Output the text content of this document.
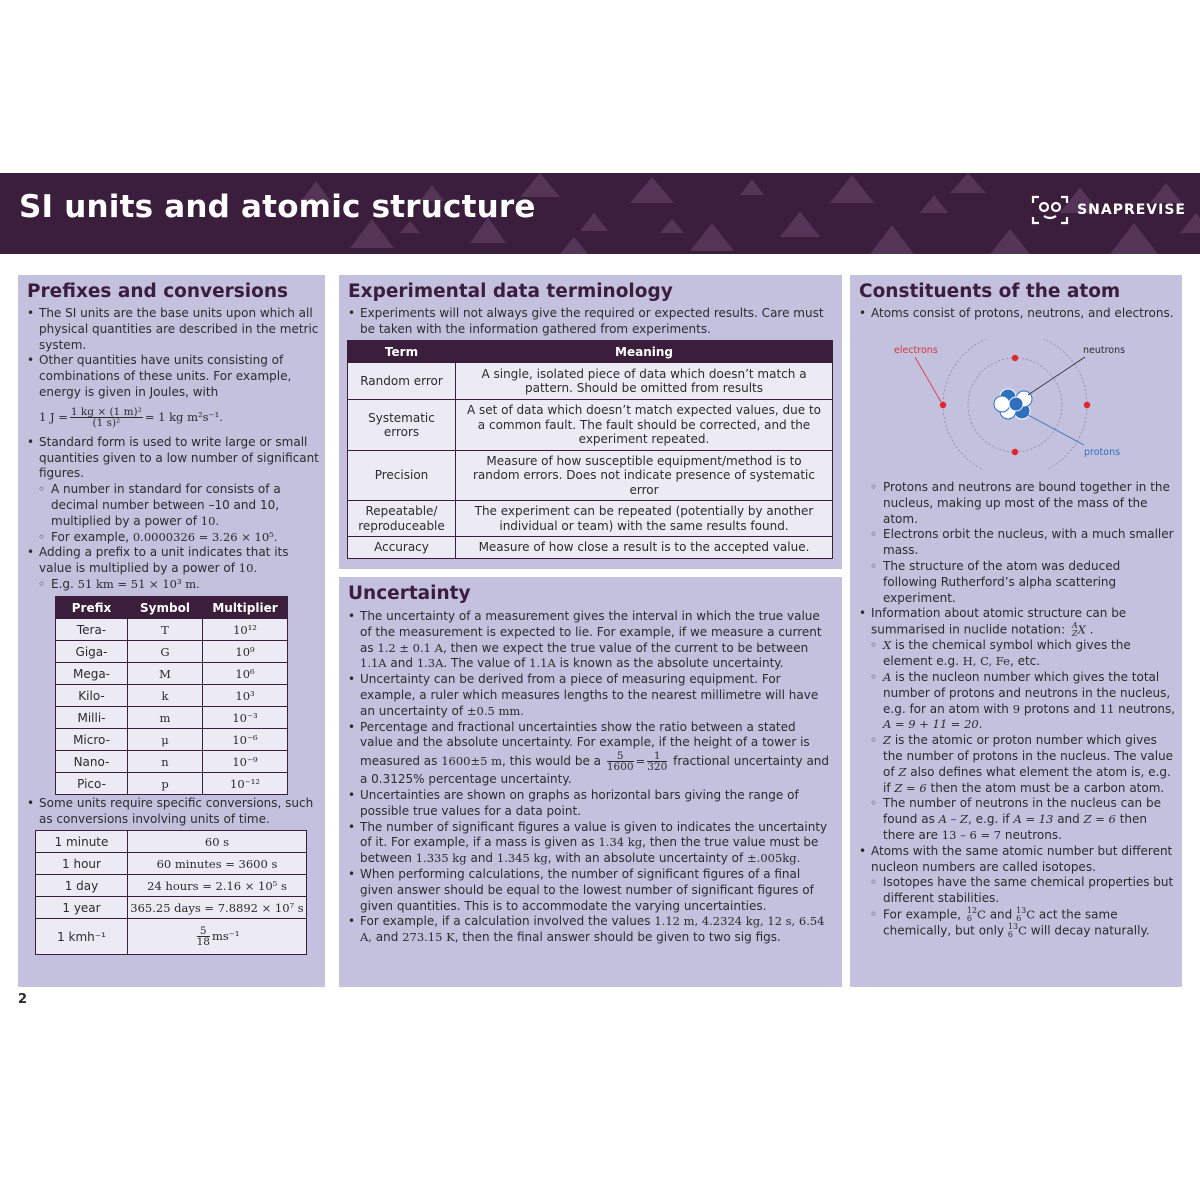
SI units and atomic structure	SNAPREVISE
Prefixes and conversions
• The SI units are the base units upon which all physical quantities are described in the metric system.
• Other quantities have units consisting of combinations of these units. For example, energy is given in Joules, with
1 $J = \frac{\text{1 kg × (1 m)²}}{\text{(1 s)²}} = 1$ kg m²s⁻¹ .
• Standard form is used to write large or small quantities given to a low number of significant figures.
◦ A number in standard for consists of a decimal number between –10 and 10, multiplied by a power of 10.
◦ For example, 0.0000326 = 3.26 × 10⁵.
• Adding a prefix to a unit indicates that its value is multiplied by a power of 10.
◦ E.g. 51 km = 51 × 10³ m.
Prefix	Symbol	Multiplier
Tera-	T	10¹²
Giga-	G	10⁹
Mega-	M	10⁶
Kilo-	k	10³
Milli-	m	10⁻³
Micro-	μ	10⁻⁶
Nano-	n	10⁻⁹
Pico-	p	10⁻¹²
• Some units require specific conversions, such as conversions involving units of time.
1 minute	60 s
1 hour	60 minutes = 3600 s
1 day	24 hours = 2.16 × 10⁵ s
1 year	365.25 days = 7.8892 × 10⁷ s
1 kmh⁻¹	$\frac{5}{18} ms^{-1}$
Experimental data terminology
• Experiments will not always give the required or expected results. Care must be taken with the information gathered from experiments.
Term	Meaning
Random error	A single, isolated piece of data which doesn’t match a pattern. Should be omitted from results
Systematic errors	A set of data which doesn’t match expected values, due to a common fault. The fault should be corrected, and the experiment repeated.
Precision	Measure of how susceptible equipment/method is to random errors. Does not indicate presence of systematic error
Repeatable/ reproduceable	The experiment can be repeated (potentially by another individual or team) with the same results found.
Accuracy	Measure of how close a result is to the accepted value.
Uncertainty
• The uncertainty of a measurement gives the interval in which the true value of the measurement is expected to lie. For example, if we measure a current as 1.2 ± 0.1 A, then we expect the true value of the current to be between 1.1A and 1.3A. The value of 1.1A is known as the absolute uncertainty.
• Uncertainty can be derived from a piece of measuring equipment. For example, a ruler which measures lengths to the nearest millimetre will have an uncertainty of ±0.5 mm.
• Percentage and fractional uncertainties show the ratio between a stated value and the absolute uncertainty. For example, if the height of a tower is measured as 1600±5 m, this would be a $\frac{5}{1600} = \frac{1}{320}$ fractional uncertainty and a 0.3125% percentage uncertainty.
• Uncertainties are shown on graphs as horizontal bars giving the range of possible true values for a data point.
• The number of significant figures a value is given to indicates the uncertainty of it. For example, if a mass is given as 1.34 kg, then the true value must be between 1.335 kg and 1.345 kg, with an absolute uncertainty of ±.005kg.
• When performing calculations, the number of significant figures of a final given answer should be equal to the lowest number of significant figures of given quantities. This is to accommodate the varying uncertainties.
• For example, if a calculation involved the values 1.12 m, 4.2324 kg, 12 s, 6.54 A, and 273.15 K, then the final answer should be given to two sig figs.
Constituents of the atom
• Atoms consist of protons, neutrons, and electrons.
electrons	neutrons
protons
◦ Protons and neutrons are bound together in the nucleus, making up most of the mass of the atom.
◦ Electrons orbit the nucleus, with a much smaller mass.
◦ The structure of the atom was deduced following Rutherford’s alpha scattering experiment.
• Information about atomic structure can be summarised in nuclide notation: A
Z X .
◦ X is the chemical symbol which gives the element e.g. H, C, Fe, etc.
◦ A is the nucleon number which gives the total number of protons and neutrons in the nucleus, e.g. for an atom with 9 protons and 11 neutrons, A = 9 + 11 = 20.
◦ Z is the atomic or proton number which gives the number of protons in the nucleus. The value of Z also defines what element the atom is, e.g. if Z = 6 then the atom must be a carbon atom.
◦ The number of neutrons in the nucleus can be found as A – Z, e.g. if A = 13 and Z = 6 then there are 13 – 6 = 7 neutrons.
• Atoms with the same atomic number but different nucleon numbers are called isotopes.
◦ Isotopes have the same chemical properties but different stabilities.
◦ For example, 12
6 C and 13
6 C act the same chemically, but only 13
6 C will decay naturally.
2
